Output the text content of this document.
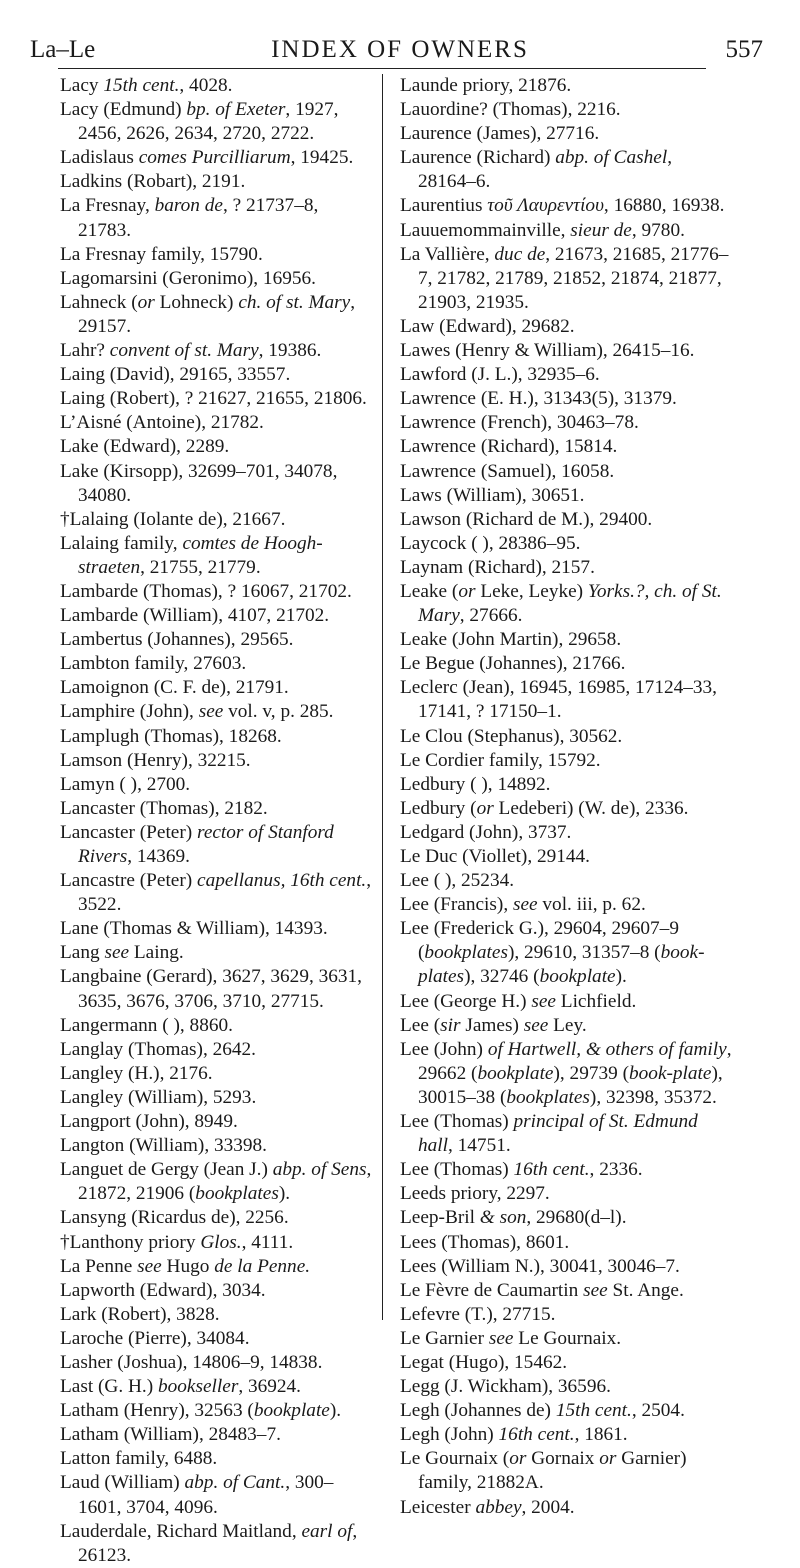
La–Le	INDEX OF OWNERS	557
Lacy 15th cent., 4028.
Lacy (Edmund) bp. of Exeter, 1927, 2456, 2626, 2634, 2720, 2722.
Ladislaus comes Purcilliarum, 19425.
Ladkins (Robart), 2191.
La Fresnay, baron de, ? 21737–8, 21783.
La Fresnay family, 15790.
Lagomarsini (Geronimo), 16956.
Lahneck (or Lohneck) ch. of st. Mary, 29157.
Lahr? convent of st. Mary, 19386.
Laing (David), 29165, 33557.
Laing (Robert), ? 21627, 21655, 21806.
L’Aisné (Antoine), 21782.
Lake (Edward), 2289.
Lake (Kirsopp), 32699–701, 34078, 34080.
†Lalaing (Iolante de), 21667.
Lalaing family, comtes de Hoogh-straeten, 21755, 21779.
Lambarde (Thomas), ? 16067, 21702.
Lambarde (William), 4107, 21702.
Lambertus (Johannes), 29565.
Lambton family, 27603.
Lamoignon (C. F. de), 21791.
Lamphire (John), see vol. v, p. 285.
Lamplugh (Thomas), 18268.
Lamson (Henry), 32215.
Lamyn ( ), 2700.
Lancaster (Thomas), 2182.
Lancaster (Peter) rector of Stanford Rivers, 14369.
Lancastre (Peter) capellanus, 16th cent., 3522.
Lane (Thomas & William), 14393.
Lang see Laing.
Langbaine (Gerard), 3627, 3629, 3631, 3635, 3676, 3706, 3710, 27715.
Langermann ( ), 8860.
Langlay (Thomas), 2642.
Langley (H.), 2176.
Langley (William), 5293.
Langport (John), 8949.
Langton (William), 33398.
Languet de Gergy (Jean J.) abp. of Sens, 21872, 21906 (bookplates).
Lansyng (Ricardus de), 2256.
†Lanthony priory Glos., 4111.
La Penne see Hugo de la Penne.
Lapworth (Edward), 3034.
Lark (Robert), 3828.
Laroche (Pierre), 34084.
Lasher (Joshua), 14806–9, 14838.
Last (G. H.) bookseller, 36924.
Latham (Henry), 32563 (bookplate).
Latham (William), 28483–7.
Latton family, 6488.
Laud (William) abp. of Cant., 300–1601, 3704, 4096.
Lauderdale, Richard Maitland, earl of, 26123.
Launde priory, 21876.
Lauordine? (Thomas), 2216.
Laurence (James), 27716.
Laurence (Richard) abp. of Cashel, 28164–6.
Laurentius τοῦ Λαυρεντίου, 16880, 16938.
Lauuemommainville, sieur de, 9780.
La Vallière, duc de, 21673, 21685, 21776–7, 21782, 21789, 21852, 21874, 21877, 21903, 21935.
Law (Edward), 29682.
Lawes (Henry & William), 26415–16.
Lawford (J. L.), 32935–6.
Lawrence (E. H.), 31343(5), 31379.
Lawrence (French), 30463–78.
Lawrence (Richard), 15814.
Lawrence (Samuel), 16058.
Laws (William), 30651.
Lawson (Richard de M.), 29400.
Laycock ( ), 28386–95.
Laynam (Richard), 2157.
Leake (or Leke, Leyke) Yorks.?, ch. of St. Mary, 27666.
Leake (John Martin), 29658.
Le Begue (Johannes), 21766.
Leclerc (Jean), 16945, 16985, 17124–33, 17141, ? 17150–1.
Le Clou (Stephanus), 30562.
Le Cordier family, 15792.
Ledbury ( ), 14892.
Ledbury (or Ledeberi) (W. de), 2336.
Ledgard (John), 3737.
Le Duc (Viollet), 29144.
Lee ( ), 25234.
Lee (Francis), see vol. iii, p. 62.
Lee (Frederick G.), 29604, 29607–9 (bookplates), 29610, 31357–8 (book-plates), 32746 (bookplate).
Lee (George H.) see Lichfield.
Lee (sir James) see Ley.
Lee (John) of Hartwell, & others of family, 29662 (bookplate), 29739 (book-plate), 30015–38 (bookplates), 32398, 35372.
Lee (Thomas) principal of St. Edmund hall, 14751.
Lee (Thomas) 16th cent., 2336.
Leeds priory, 2297.
Leep-Bril & son, 29680(d–l).
Lees (Thomas), 8601.
Lees (William N.), 30041, 30046–7.
Le Fèvre de Caumartin see St. Ange.
Lefevre (T.), 27715.
Le Garnier see Le Gournaix.
Legat (Hugo), 15462.
Legg (J. Wickham), 36596.
Legh (Johannes de) 15th cent., 2504.
Legh (John) 16th cent., 1861.
Le Gournaix (or Gornaix or Garnier) family, 21882A.
Leicester abbey, 2004.
